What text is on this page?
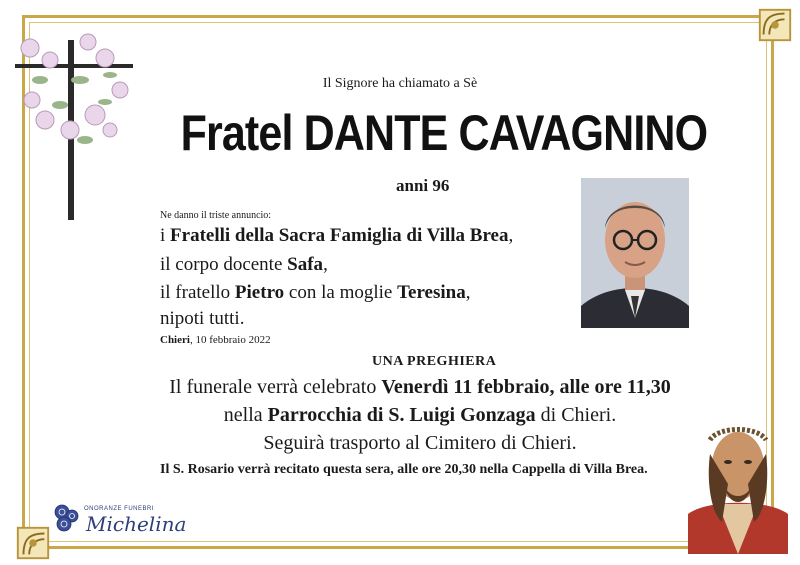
Il Signore ha chiamato a Sè
Fratel DANTE CAVAGNINO
anni 96
Ne danno il triste annuncio:
i Fratelli della Sacra Famiglia di Villa Brea,
il corpo docente Safa,
il fratello Pietro con la moglie Teresina,
nipoti tutti.
Chieri, 10 febbraio 2022
UNA PREGHIERA
Il funerale verrà celebrato Venerdì 11 febbraio, alle ore 11,30
nella Parrocchia di S. Luigi Gonzaga di Chieri.
Seguirà trasporto al Cimitero di Chieri.
Il S. Rosario verrà recitato questa sera, alle ore 20,30 nella Cappella di Villa Brea.
ONORANZE FUNEBRI
Michelina
